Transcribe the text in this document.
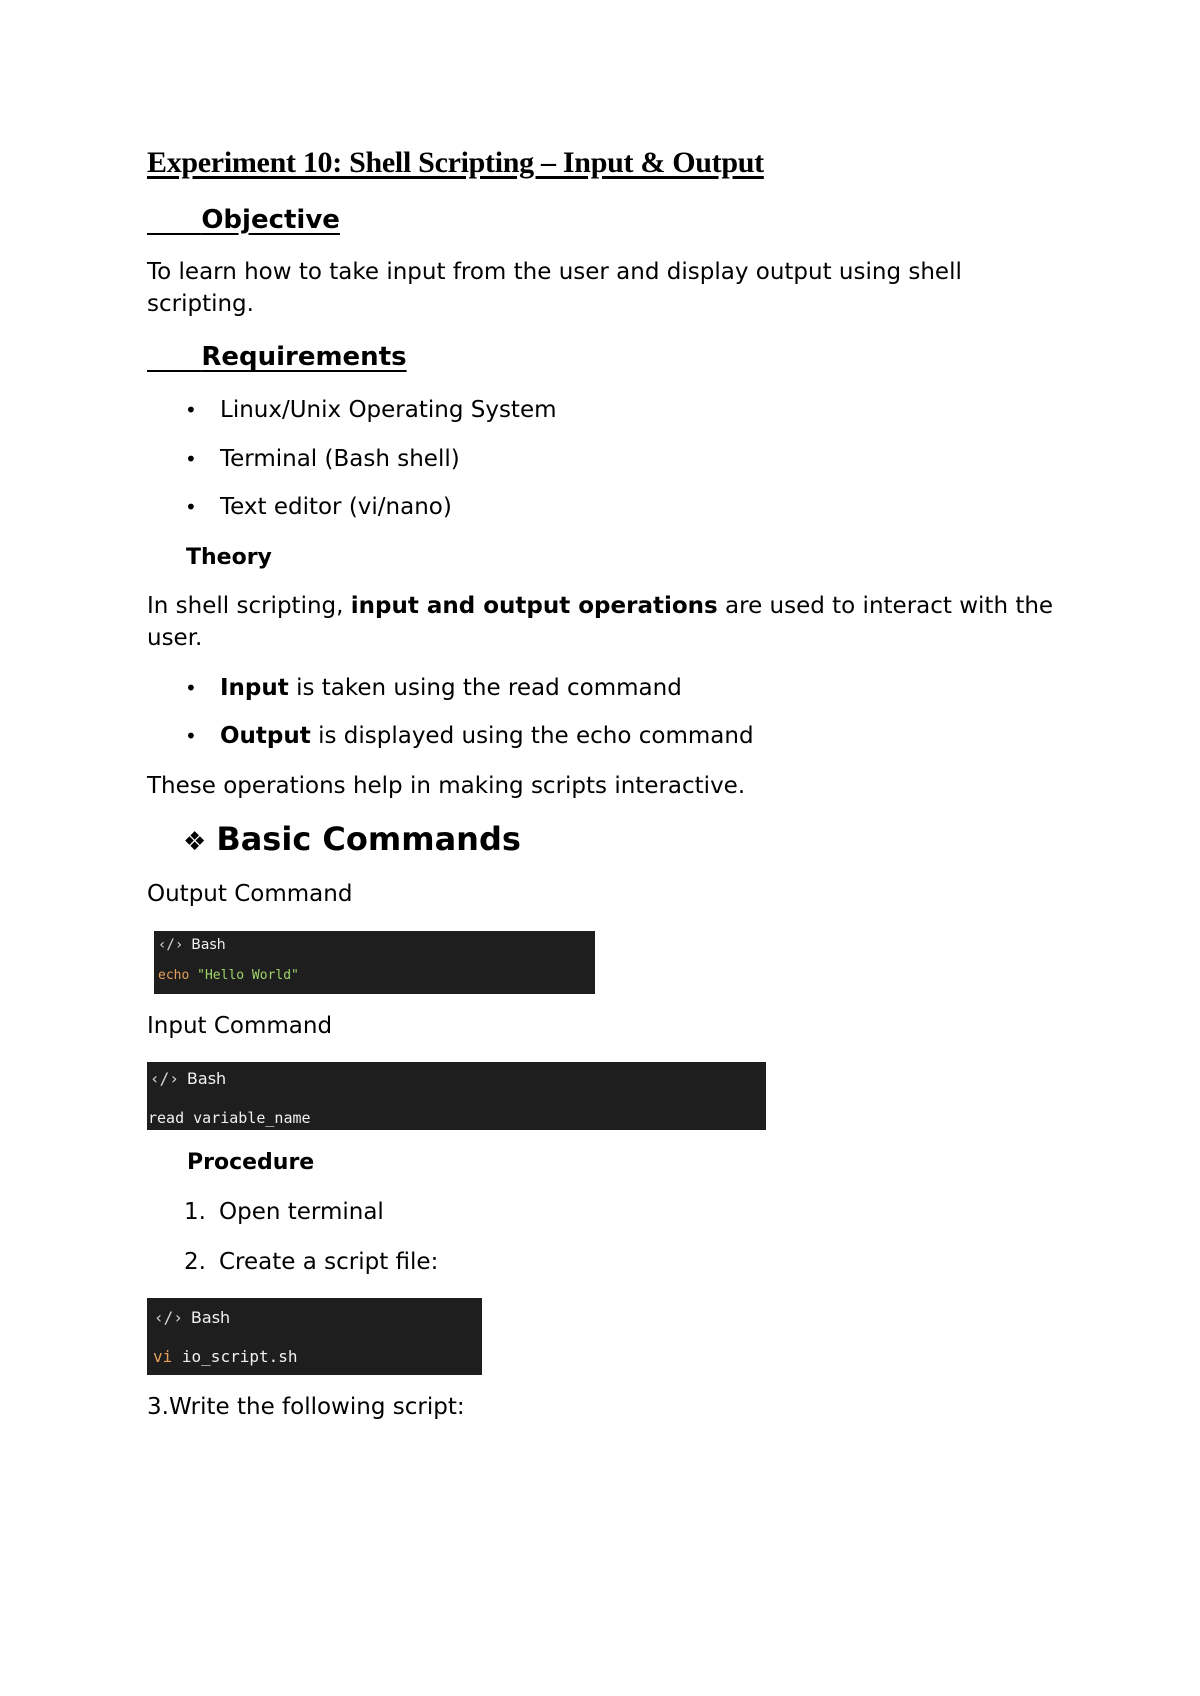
Experiment 10: Shell Scripting – Input & Output
Objective
To learn how to take input from the user and display output using shell scripting.
Requirements
• Linux/Unix Operating System
• Terminal (Bash shell)
• Text editor (vi/nano)
Theory
In shell scripting, input and output operations are used to interact with the user.
• Input is taken using the read command
• Output is displayed using the echo command
These operations help in making scripts interactive.
❖ Basic Commands
Output Command
‹/› Bash
echo "Hello World"
Input Command
‹/› Bash
read variable_name
Procedure
1. Open terminal
2. Create a script file:
‹/› Bash
vi io_script.sh
3.Write the following script:
